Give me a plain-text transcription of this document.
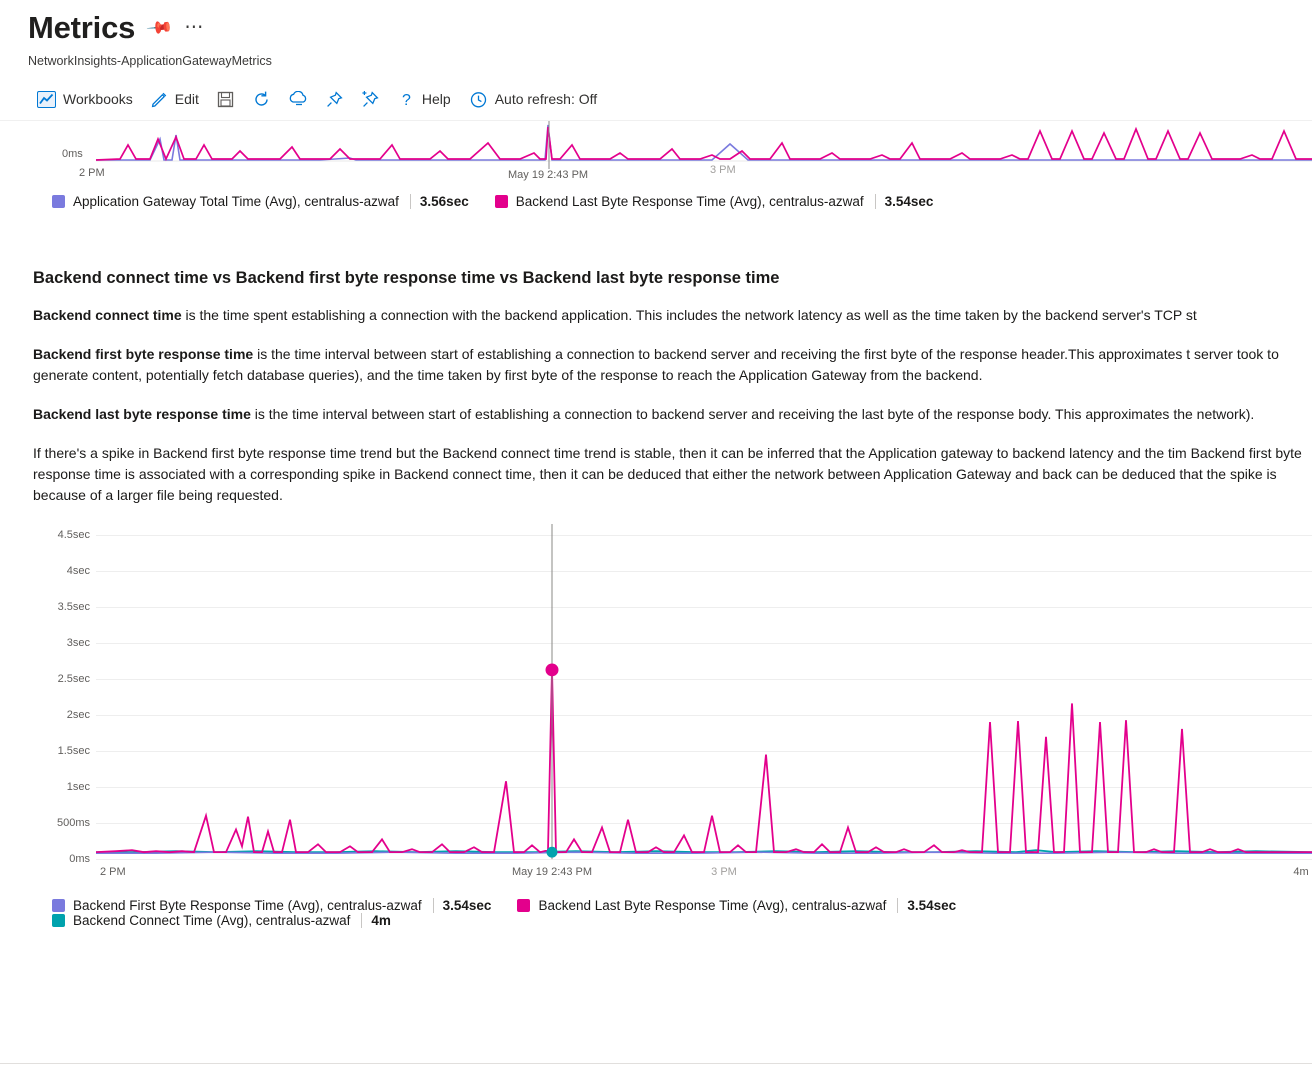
Metrics 📌 ⋯
NetworkInsights-ApplicationGatewayMetrics
Workbooks	Edit	? Help	Auto refresh: Off
0ms
2 PM	May 19 2:43 PM	3 PM
Application Gateway Total Time (Avg), centralus-azwaf	3.56sec	Backend Last Byte Response Time (Avg), centralus-azwaf	3.54sec
Backend connect time vs Backend first byte response time vs Backend last byte response time

Backend connect time is the time spent establishing a connection with the backend application. This includes the network latency as well as the time taken by the backend server's TCP st

Backend first byte response time is the time interval between start of establishing a connection to backend server and receiving the first byte of the response header.This approximates t server took to generate content, potentially fetch database queries), and the time taken by first byte of the response to reach the Application Gateway from the backend.

Backend last byte response time is the time interval between start of establishing a connection to backend server and receiving the last byte of the response body. This approximates the network).

If there's a spike in Backend first byte response time trend but the Backend connect time trend is stable, then it can be inferred that the Application gateway to backend latency and the tim Backend first byte response time is associated with a corresponding spike in Backend connect time, then it can be deduced that either the network between Application Gateway and back can be deduced that the spike is because of a larger file being requested.

4.5sec
4sec
3.5sec
3sec
2.5sec
2sec
1.5sec
1sec
500ms
0ms
2 PM	May 19 2:43 PM	3 PM	4m
Backend First Byte Response Time (Avg), centralus-azwaf	3.54sec	Backend Last Byte Response Time (Avg), centralus-azwaf	3.54sec
Backend Connect Time (Avg), centralus-azwaf	4m
